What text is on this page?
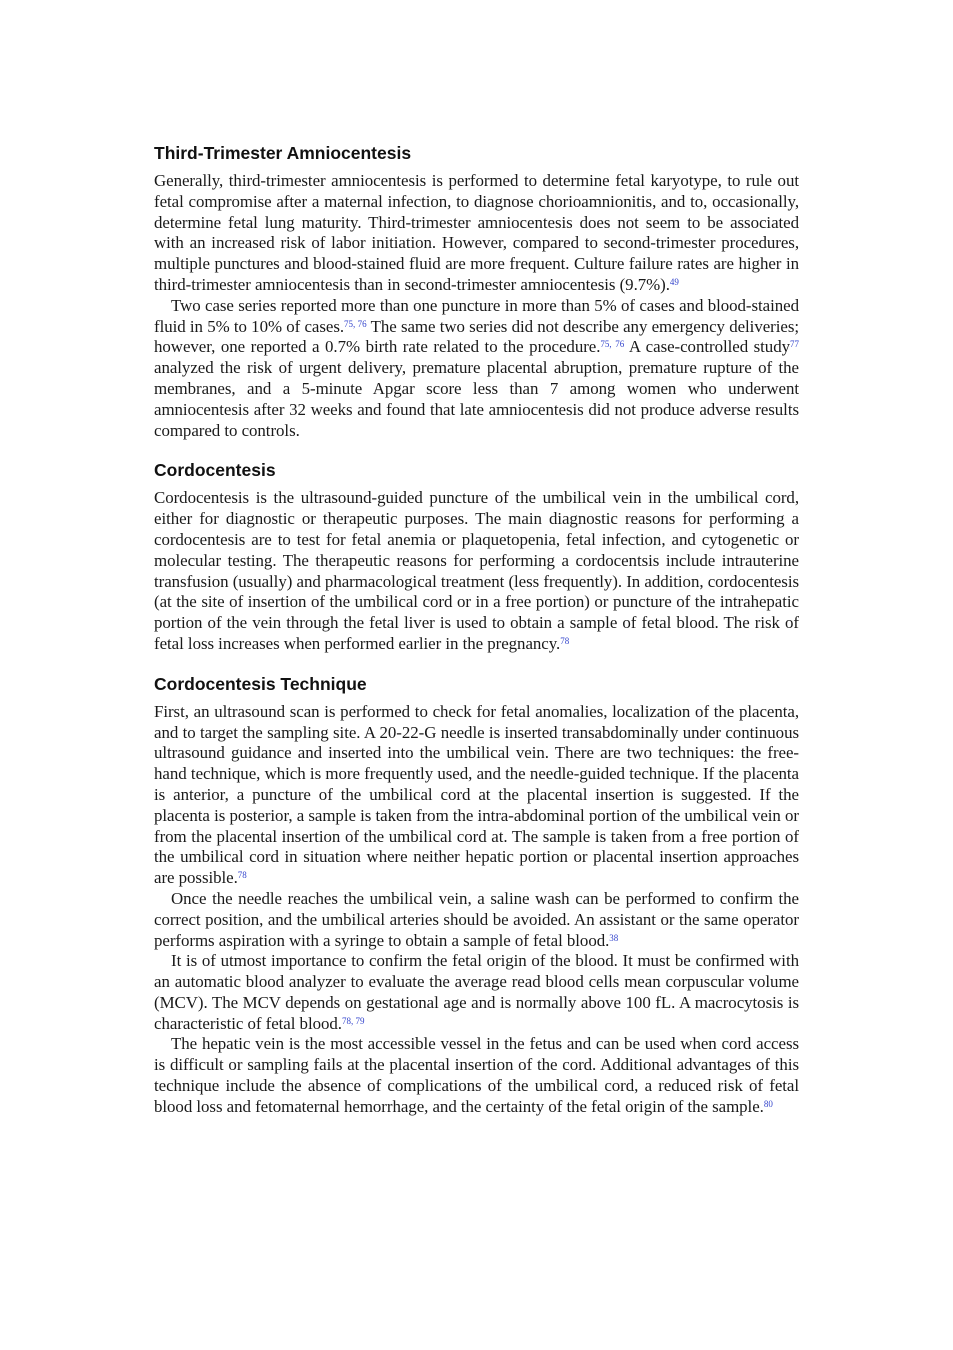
Third-Trimester Amniocentesis

Generally, third-trimester amniocentesis is performed to determine fetal karyotype, to rule out fetal compromise after a maternal infection, to diagnose chorioamnionitis, and to, occasionally, determine fetal lung maturity. Third-trimester amniocentesis does not seem to be associated with an increased risk of labor initiation. However, compared to second-trimester procedures, multiple punctures and blood-stained fluid are more frequent. Culture failure rates are higher in third-trimester amniocentesis than in second-trimester amniocentesis (9.7%).$^{49}$

Two case series reported more than one puncture in more than 5% of cases and blood-stained fluid in 5% to 10% of cases.$^{75, 76}$ The same two series did not describe any emergency deliveries; however, one reported a 0.7% birth rate related to the procedure.$^{75, 76}$ A case-controlled study$^{77}$ analyzed the risk of urgent delivery, premature placental abruption, premature rupture of the membranes, and a 5-minute Apgar score less than 7 among women who underwent amniocentesis after 32 weeks and found that late amniocentesis did not produce adverse results compared to controls.

Cordocentesis

Cordocentesis is the ultrasound-guided puncture of the umbilical vein in the umbilical cord, either for diagnostic or therapeutic purposes. The main diagnostic reasons for performing a cordocentesis are to test for fetal anemia or plaquetopenia, fetal infection, and cytogenetic or molecular testing. The therapeutic reasons for performing a cordocentsis include intrauterine transfusion (usually) and pharmacological treatment (less frequently). In addition, cordocentesis (at the site of insertion of the umbilical cord or in a free portion) or puncture of the intrahepatic portion of the vein through the fetal liver is used to obtain a sample of fetal blood. The risk of fetal loss increases when performed earlier in the pregnancy.$^{78}$

Cordocentesis Technique

First, an ultrasound scan is performed to check for fetal anomalies, localization of the placenta, and to target the sampling site. A 20-22-G needle is inserted transabdominally under continuous ultrasound guidance and inserted into the umbilical vein. There are two techniques: the free-hand technique, which is more frequently used, and the needle-guided technique. If the placenta is anterior, a puncture of the umbilical cord at the placental insertion is suggested. If the placenta is posterior, a sample is taken from the intra-abdominal portion of the umbilical vein or from the placental insertion of the umbilical cord at. The sample is taken from a free portion of the umbilical cord in situation where neither hepatic portion or placental insertion approaches are possible.$^{78}$

Once the needle reaches the umbilical vein, a saline wash can be performed to confirm the correct position, and the umbilical arteries should be avoided. An assistant or the same operator performs aspiration with a syringe to obtain a sample of fetal blood.$^{38}$

It is of utmost importance to confirm the fetal origin of the blood. It must be confirmed with an automatic blood analyzer to evaluate the average read blood cells mean corpuscular volume (MCV). The MCV depends on gestational age and is normally above 100 fL. A macrocytosis is characteristic of fetal blood.$^{78, 79}$

The hepatic vein is the most accessible vessel in the fetus and can be used when cord access is difficult or sampling fails at the placental insertion of the cord. Additional advantages of this technique include the absence of complications of the umbilical cord, a reduced risk of fetal blood loss and fetomaternal hemorrhage, and the certainty of the fetal origin of the sample.$^{80}$
